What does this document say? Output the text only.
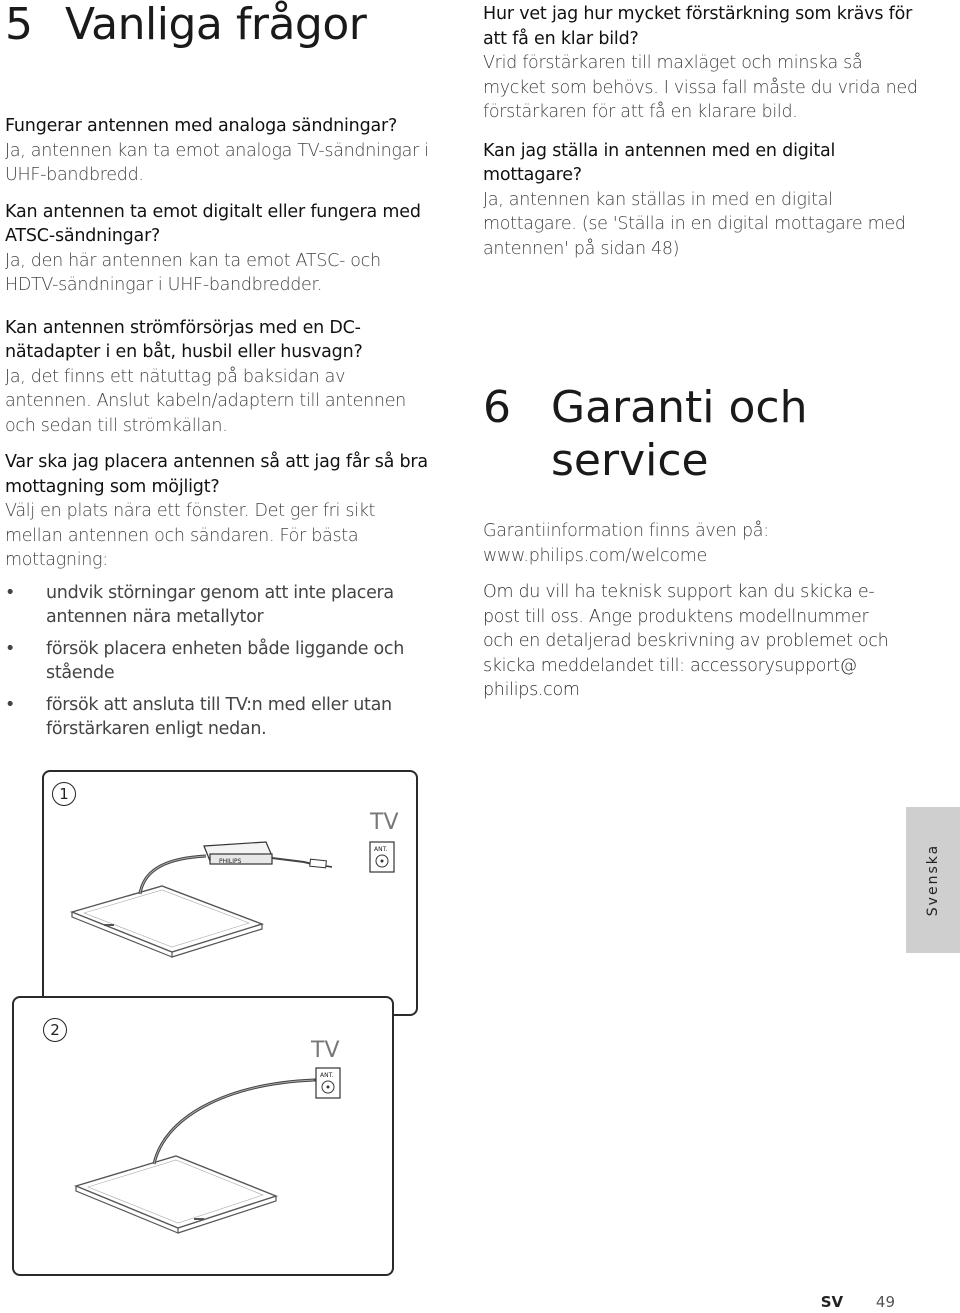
5 Vanliga frågor

Fungerar antennen med analoga sändningar?

Ja, antennen kan ta emot analoga TV-sändningar i UHF-bandbredd.

Kan antennen ta emot digitalt eller fungera med ATSC-sändningar?

Ja, den här antennen kan ta emot ATSC- och HDTV-sändningar i UHF-bandbredder.

Kan antennen strömförsörjas med en DC-nätadapter i en båt, husbil eller husvagn?

Ja, det finns ett nätuttag på baksidan av antennen. Anslut kabeln/adaptern till antennen och sedan till strömkällan.

Var ska jag placera antennen så att jag får så bra mottagning som möjligt?

Välj en plats nära ett fönster. Det ger fri sikt mellan antennen och sändaren. För bästa mottagning:

• undvik störningar genom att inte placera antennen nära metallytor
• försök placera enheten både liggande och stående
• försök att ansluta till TV:n med eller utan förstärkaren enligt nedan.

Hur vet jag hur mycket förstärkning som krävs för att få en klar bild?

Vrid förstärkaren till maxläget och minska så mycket som behövs. I vissa fall måste du vrida ned förstärkaren för att få en klarare bild.

Kan jag ställa in antennen med en digital mottagare?

Ja, antennen kan ställas in med en digital mottagare. (se 'Ställa in en digital mottagare med antennen' på sidan 48)

6 Garanti och
service

Garantiinformation finns även på: www.philips.com/welcome

Om du vill ha teknisk support kan du skicka e-post till oss. Ange produktens modellnummer och en detaljerad beskrivning av problemet och skicka meddelandet till: accessorysupport@ philips.com

1
TV
PHILIPS
ANT.
2
TV
ANT.
Svenska
SV 49
